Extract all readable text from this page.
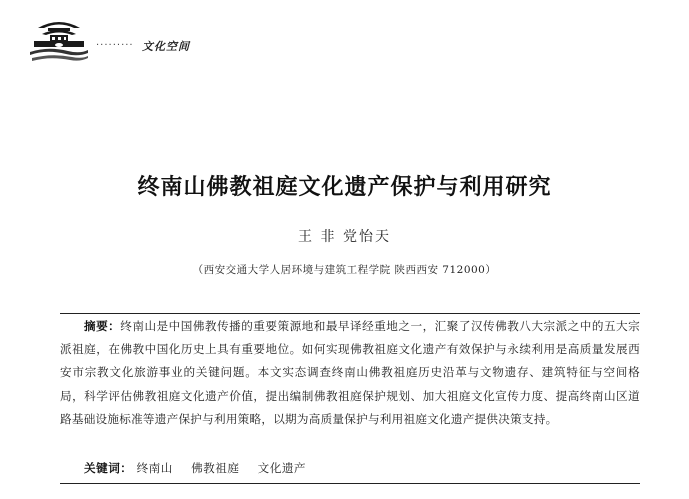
········· 文化空间
终南山佛教祖庭文化遗产保护与利用研究
王 非 党怡天
（西安交通大学人居环境与建筑工程学院 陕西西安 712000）

摘要：终南山是中国佛教传播的重要策源地和最早译经重地之一，汇聚了汉传佛教八大宗派之中的五大宗派祖庭，在佛教中国化历史上具有重要地位。如何实现佛教祖庭文化遗产有效保护与永续利用是高质量发展西安市宗教文化旅游事业的关键问题。本文实态调查终南山佛教祖庭历史沿革与文物遗存、建筑特征与空间格局，科学评估佛教祖庭文化遗产价值，提出编制佛教祖庭保护规划、加大祖庭文化宣传力度、提高终南山区道路基础设施标准等遗产保护与利用策略，以期为高质量保护与利用祖庭文化遗产提供决策支持。

关键词： 终南山 佛教祖庭 文化遗产
